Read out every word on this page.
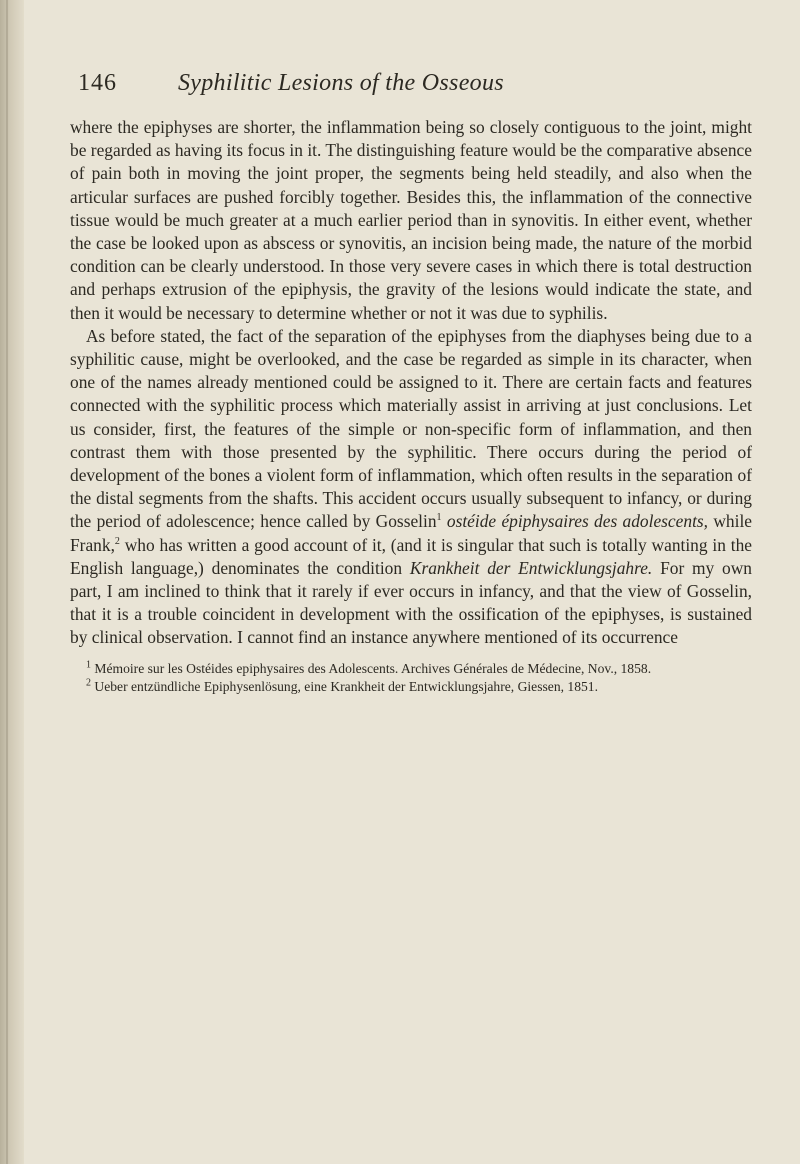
146	Syphilitic Lesions of the Osseous

where the epiphyses are shorter, the inflammation being so closely contiguous to the joint, might be regarded as having its focus in it. The distinguishing feature would be the comparative absence of pain both in moving the joint proper, the segments being held steadily, and also when the articular surfaces are pushed forcibly together. Besides this, the inflammation of the connective tissue would be much greater at a much earlier period than in synovitis. In either event, whether the case be looked upon as abscess or synovitis, an incision being made, the nature of the morbid condition can be clearly understood. In those very severe cases in which there is total destruction and perhaps extrusion of the epiphysis, the gravity of the lesions would indicate the state, and then it would be necessary to determine whether or not it was due to syphilis.

As before stated, the fact of the separation of the epiphyses from the diaphyses being due to a syphilitic cause, might be overlooked, and the case be regarded as simple in its character, when one of the names already mentioned could be assigned to it. There are certain facts and features connected with the syphilitic process which materially assist in arriving at just conclusions. Let us consider, first, the features of the simple or non-specific form of inflammation, and then contrast them with those presented by the syphilitic. There occurs during the period of development of the bones a violent form of inflammation, which often results in the separation of the distal segments from the shafts. This accident occurs usually subsequent to infancy, or during the period of adolescence; hence called by Gosselin$^1$ ostéide épiphysaires des adolescents, while Frank,$^2$ who has written a good account of it, (and it is singular that such is totally wanting in the English language,) denominates the condition Krankheit der Entwicklungsjahre. For my own part, I am inclined to think that it rarely if ever occurs in infancy, and that the view of Gosselin, that it is a trouble coincident in development with the ossification of the epiphyses, is sustained by clinical observation. I cannot find an instance anywhere mentioned of its occurrence

$^1$ Mémoire sur les Ostéides epiphysaires des Adolescents. Archives Générales de Médecine, Nov., 1858.

$^2$ Ueber entzündliche Epiphysenlösung, eine Krankheit der Entwicklungsjahre, Giessen, 1851.
